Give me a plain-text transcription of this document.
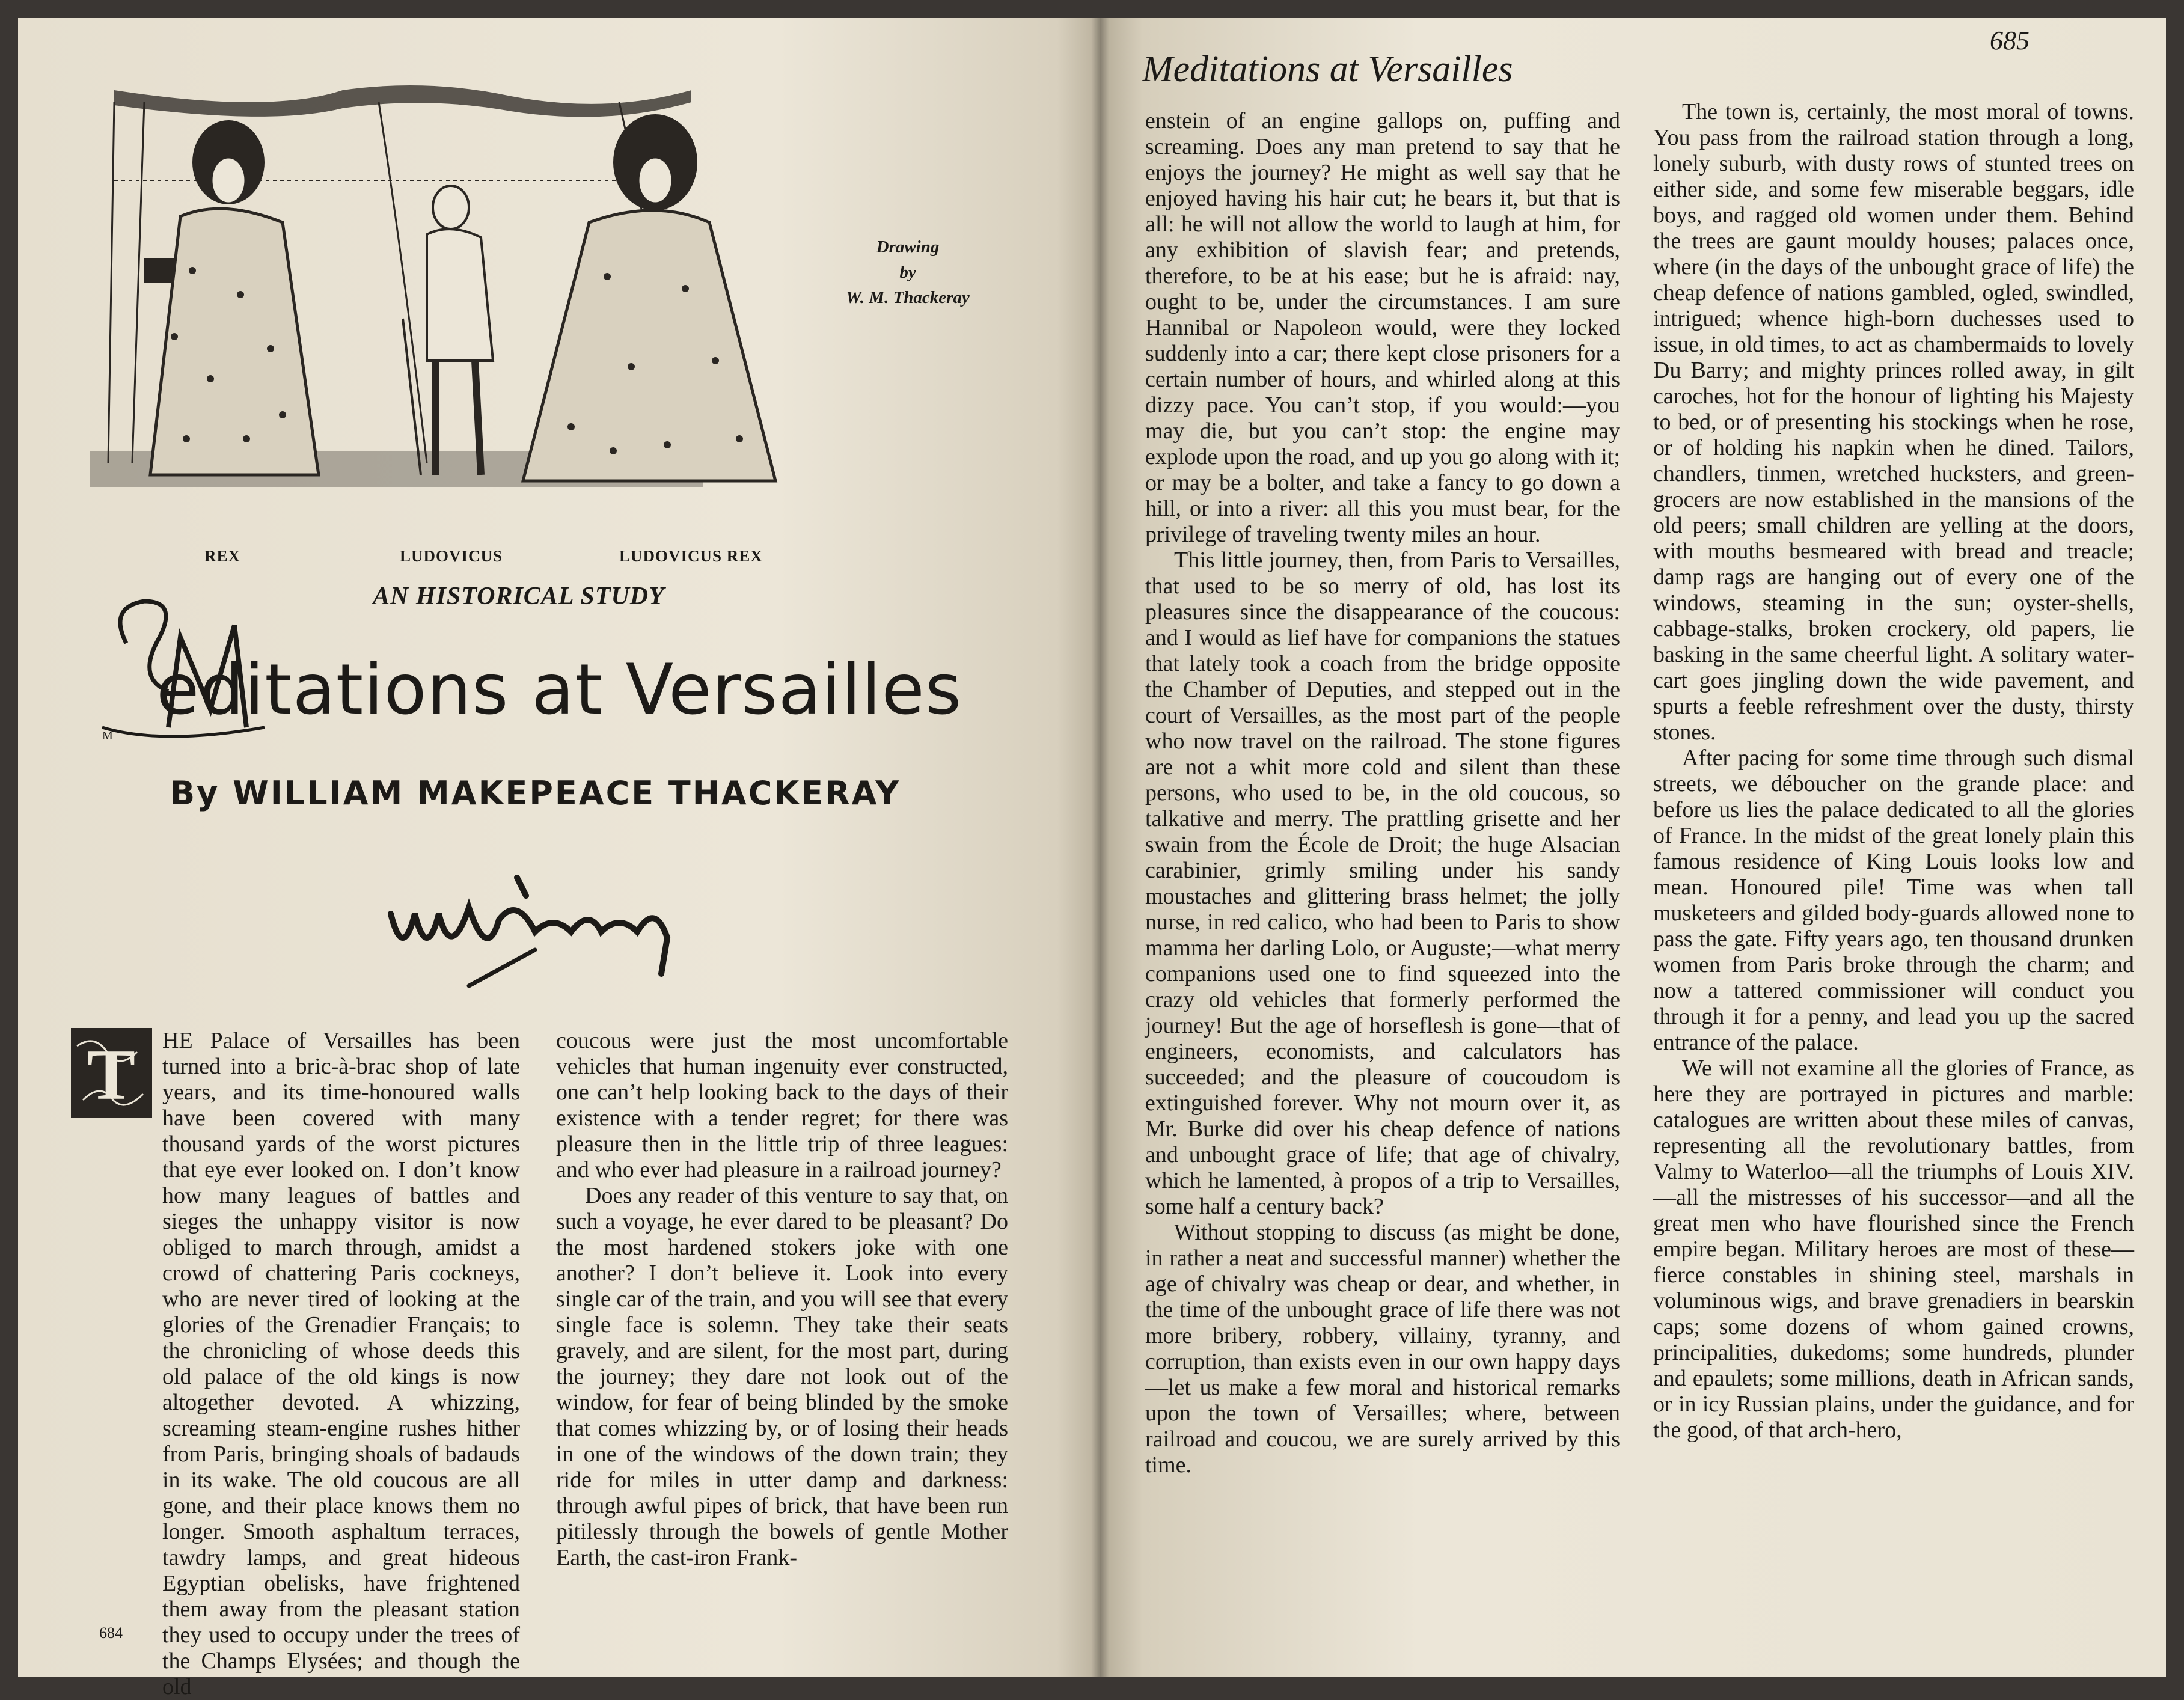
Drawing
by
W. M. Thackeray
REX	LUDOVICUS	LUDOVICUS REX
AN HISTORICAL STUDY
M
editations at Versailles
By WILLIAM MAKEPEACE THACKERAY
W M Thackeray
T	HE Palace of Versailles has been turned into a bric-à-brac shop of late years, and its time-honoured walls have been covered with many thousand yards of the worst pictures that eye ever looked on. I don’t know how many leagues of battles and sieges the unhappy visitor is now obliged to march through, amidst a crowd of chattering Paris cockneys, who are never tired of looking at the glories of the Grenadier Français; to the chronicling of whose deeds this old palace of the old kings is now altogether devoted. A whizzing, screaming steam-engine rushes hither from Paris, bringing shoals of badauds in its wake. The old coucous are all gone, and their place knows them no longer. Smooth asphaltum terraces, tawdry lamps, and great hideous Egyptian obelisks, have frightened them away from the pleasant station they used to occupy under the trees of the Champs Elysées; and though the old

coucous were just the most uncomfortable vehicles that human ingenuity ever constructed, one can’t help looking back to the days of their existence with a tender regret; for there was pleasure then in the little trip of three leagues: and who ever had pleasure in a railroad journey?

Does any reader of this venture to say that, on such a voyage, he ever dared to be pleasant? Do the most hardened stokers joke with one another? I don’t believe it. Look into every single car of the train, and you will see that every single face is solemn. They take their seats gravely, and are silent, for the most part, during the journey; they dare not look out of the window, for fear of being blinded by the smoke that comes whizzing by, or of losing their heads in one of the windows of the down train; they ride for miles in utter damp and darkness: through awful pipes of brick, that have been run pitilessly through the bowels of gentle Mother Earth, the cast-iron Frank-

684
Meditations at Versailles
685

enstein of an engine gallops on, puffing and screaming. Does any man pretend to say that he enjoys the journey? He might as well say that he enjoyed having his hair cut; he bears it, but that is all: he will not allow the world to laugh at him, for any exhibition of slavish fear; and pretends, therefore, to be at his ease; but he is afraid: nay, ought to be, under the circumstances. I am sure Hannibal or Napoleon would, were they locked suddenly into a car; there kept close prisoners for a certain number of hours, and whirled along at this dizzy pace. You can’t stop, if you would:—you may die, but you can’t stop: the engine may explode upon the road, and up you go along with it; or may be a bolter, and take a fancy to go down a hill, or into a river: all this you must bear, for the privilege of traveling twenty miles an hour.

This little journey, then, from Paris to Versailles, that used to be so merry of old, has lost its pleasures since the disappearance of the coucous: and I would as lief have for companions the statues that lately took a coach from the bridge opposite the Chamber of Deputies, and stepped out in the court of Versailles, as the most part of the people who now travel on the railroad. The stone figures are not a whit more cold and silent than these persons, who used to be, in the old coucous, so talkative and merry. The prattling grisette and her swain from the École de Droit; the huge Alsacian carabinier, grimly smiling under his sandy moustaches and glittering brass helmet; the jolly nurse, in red calico, who had been to Paris to show mamma her darling Lolo, or Auguste;—what merry companions used one to find squeezed into the crazy old vehicles that formerly performed the journey! But the age of horseflesh is gone—that of engineers, economists, and calculators has succeeded; and the pleasure of coucoudom is extinguished forever. Why not mourn over it, as Mr. Burke did over his cheap defence of nations and unbought grace of life; that age of chivalry, which he lamented, à propos of a trip to Versailles, some half a century back?

Without stopping to discuss (as might be done, in rather a neat and successful manner) whether the age of chivalry was cheap or dear, and whether, in the time of the unbought grace of life there was not more bribery, robbery, villainy, tyranny, and corruption, than exists even in our own happy days—let us make a few moral and historical remarks upon the town of Versailles; where, between railroad and coucou, we are surely arrived by this time.

The town is, certainly, the most moral of towns. You pass from the railroad station through a long, lonely suburb, with dusty rows of stunted trees on either side, and some few miserable beggars, idle boys, and ragged old women under them. Behind the trees are gaunt mouldy houses; palaces once, where (in the days of the unbought grace of life) the cheap defence of nations gambled, ogled, swindled, intrigued; whence high-born duchesses used to issue, in old times, to act as chambermaids to lovely Du Barry; and mighty princes rolled away, in gilt caroches, hot for the honour of lighting his Majesty to bed, or of presenting his stockings when he rose, or of holding his napkin when he dined. Tailors, chandlers, tinmen, wretched hucksters, and green-grocers are now established in the mansions of the old peers; small children are yelling at the doors, with mouths besmeared with bread and treacle; damp rags are hanging out of every one of the windows, steaming in the sun; oyster-shells, cabbage-stalks, broken crockery, old papers, lie basking in the same cheerful light. A solitary water-cart goes jingling down the wide pavement, and spurts a feeble refreshment over the dusty, thirsty stones.

After pacing for some time through such dismal streets, we déboucher on the grande place: and before us lies the palace dedicated to all the glories of France. In the midst of the great lonely plain this famous residence of King Louis looks low and mean. Honoured pile! Time was when tall musketeers and gilded body-guards allowed none to pass the gate. Fifty years ago, ten thousand drunken women from Paris broke through the charm; and now a tattered commissioner will conduct you through it for a penny, and lead you up the sacred entrance of the palace.

We will not examine all the glories of France, as here they are portrayed in pictures and marble: catalogues are written about these miles of canvas, representing all the revolutionary battles, from Valmy to Waterloo—all the triumphs of Louis XIV.—all the mistresses of his successor—and all the great men who have flourished since the French empire began. Military heroes are most of these—fierce constables in shining steel, marshals in voluminous wigs, and brave grenadiers in bearskin caps; some dozens of whom gained crowns, principalities, dukedoms; some hundreds, plunder and epaulets; some millions, death in African sands, or in icy Russian plains, under the guidance, and for the good, of that arch-hero,
